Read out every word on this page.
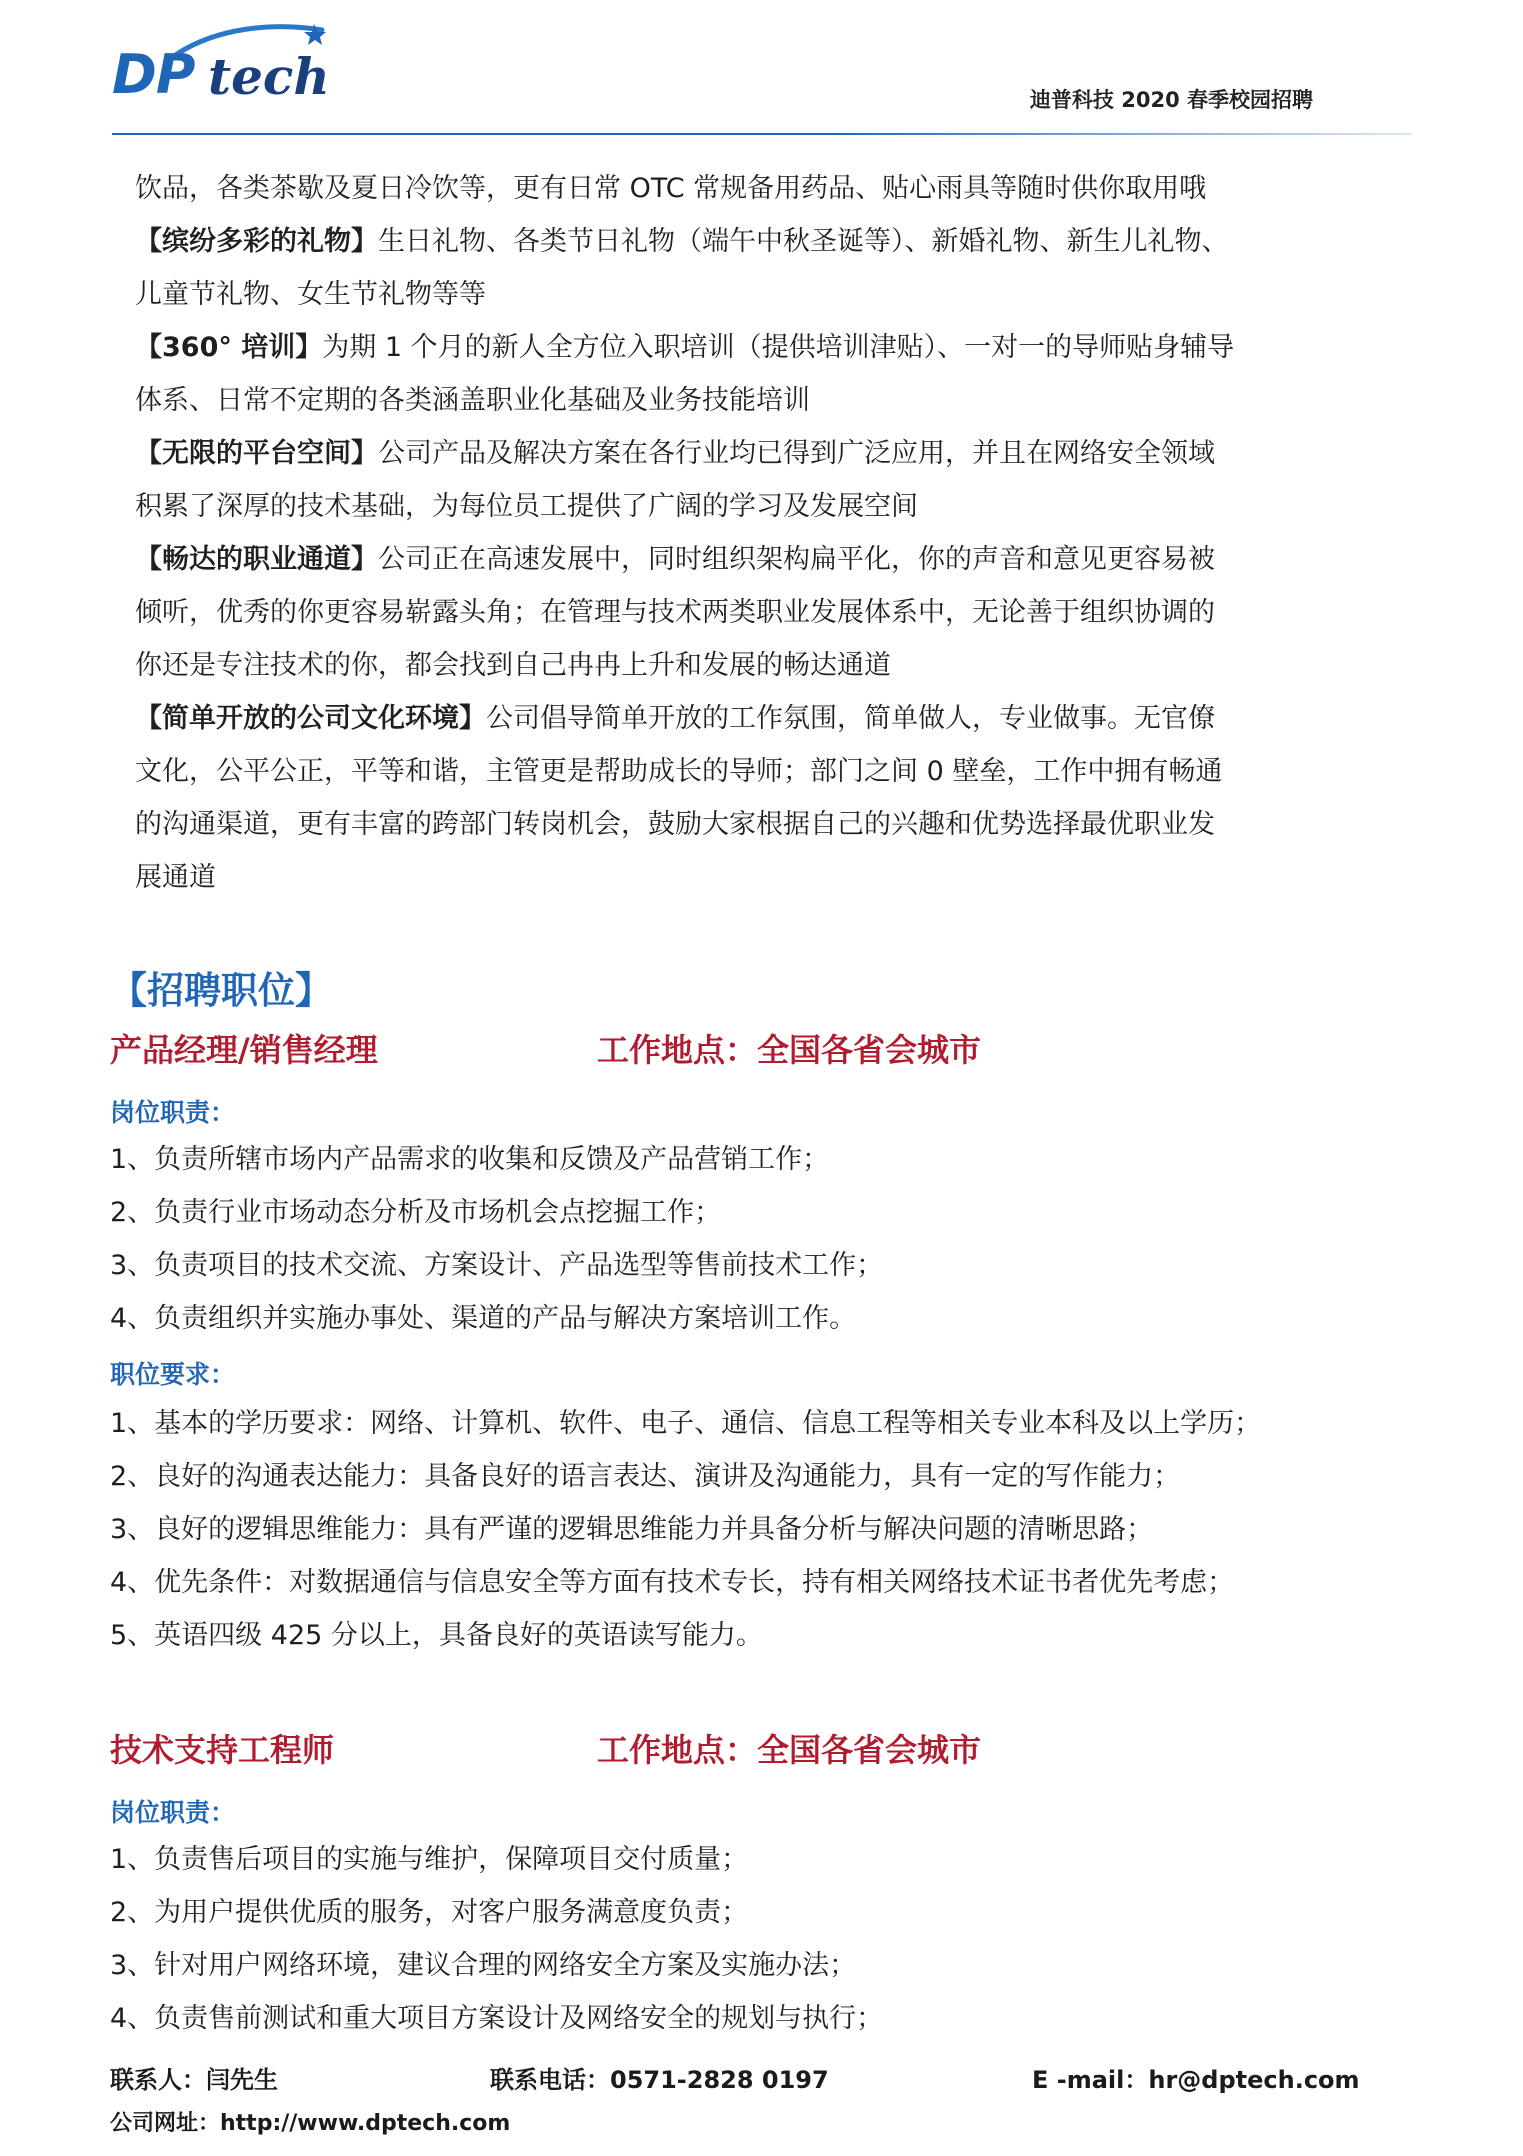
DP tech	迪普科技 2020 春季校园招聘

饮品，各类茶歇及夏日冷饮等，更有日常 OTC 常规备用药品、贴心雨具等随时供你取用哦

【缤纷多彩的礼物】生日礼物、各类节日礼物（端午中秋圣诞等）、新婚礼物、新生儿礼物、

儿童节礼物、女生节礼物等等

【360° 培训】为期 1 个月的新人全方位入职培训（提供培训津贴）、一对一的导师贴身辅导

体系、日常不定期的各类涵盖职业化基础及业务技能培训

【无限的平台空间】公司产品及解决方案在各行业均已得到广泛应用，并且在网络安全领域

积累了深厚的技术基础，为每位员工提供了广阔的学习及发展空间

【畅达的职业通道】公司正在高速发展中，同时组织架构扁平化，你的声音和意见更容易被

倾听，优秀的你更容易崭露头角；在管理与技术两类职业发展体系中，无论善于组织协调的

你还是专注技术的你，都会找到自己冉冉上升和发展的畅达通道

【简单开放的公司文化环境】公司倡导简单开放的工作氛围，简单做人，专业做事。无官僚

文化，公平公正，平等和谐，主管更是帮助成长的导师；部门之间 0 壁垒，工作中拥有畅通

的沟通渠道，更有丰富的跨部门转岗机会，鼓励大家根据自己的兴趣和优势选择最优职业发

展通道

【招聘职位】
产品经理/销售经理	工作地点：全国各省会城市
岗位职责：
1、负责所辖市场内产品需求的收集和反馈及产品营销工作；
2、负责行业市场动态分析及市场机会点挖掘工作；
3、负责项目的技术交流、方案设计、产品选型等售前技术工作；
4、负责组织并实施办事处、渠道的产品与解决方案培训工作。
职位要求：
1、基本的学历要求：网络、计算机、软件、电子、通信、信息工程等相关专业本科及以上学历；
2、良好的沟通表达能力：具备良好的语言表达、演讲及沟通能力，具有一定的写作能力；
3、良好的逻辑思维能力：具有严谨的逻辑思维能力并具备分析与解决问题的清晰思路；
4、优先条件：对数据通信与信息安全等方面有技术专长，持有相关网络技术证书者优先考虑；
5、英语四级 425 分以上，具备良好的英语读写能力。
技术支持工程师	工作地点：全国各省会城市
岗位职责：
1、负责售后项目的实施与维护，保障项目交付质量；
2、为用户提供优质的服务，对客户服务满意度负责；
3、针对用户网络环境，建议合理的网络安全方案及实施办法；
4、负责售前测试和重大项目方案设计及网络安全的规划与执行；
联系人：闫先生	联系电话：0571-2828 0197	E -mail：hr@dptech.com
公司网址：http://www.dptech.com
